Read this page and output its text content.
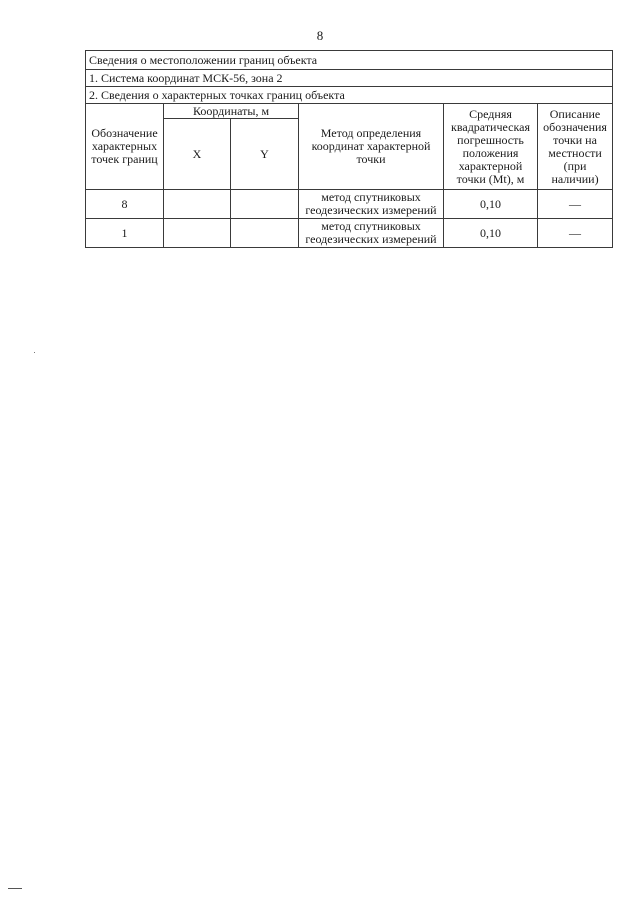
8
Сведения о местоположении границ объекта					
1. Система координат МСК-56, зона 2					
2. Сведения о характерных точках границ объекта					
Обозначение характерных точек границ	Координаты, м		Метод определения координат характерной точки	Средняя квадратическая погрешность положения характерной точки (Mt), м	Описание обозначения точки на местности (при наличии)
	X	Y			
8			метод спутниковых геодезических измерений	0,10	—
1			метод спутниковых геодезических измерений	0,10	—
